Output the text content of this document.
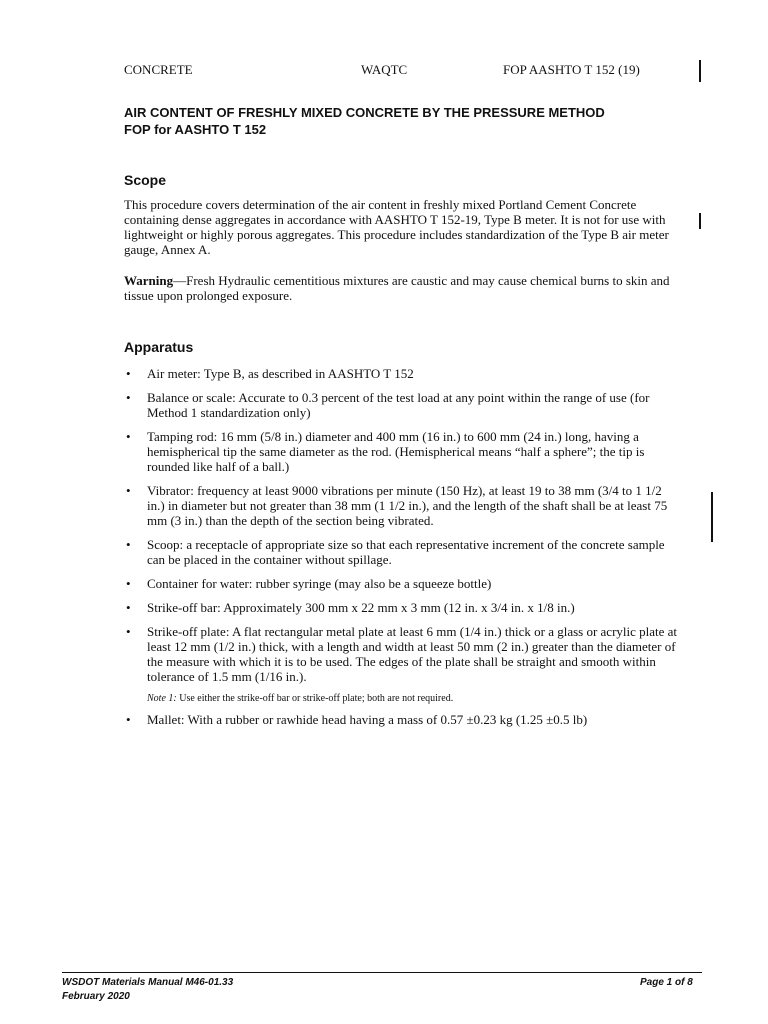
CONCRETE	WAQTC	FOP AASHTO T 152 (19)
AIR CONTENT OF FRESHLY MIXED CONCRETE BY THE PRESSURE METHOD
FOP for AASHTO T 152
Scope

This procedure covers determination of the air content in freshly mixed Portland Cement Concrete containing dense aggregates in accordance with AASHTO T 152-19, Type B meter. It is not for use with lightweight or highly porous aggregates. This procedure includes standardization of the Type B air meter gauge, Annex A.

Warning—Fresh Hydraulic cementitious mixtures are caustic and may cause chemical burns to skin and tissue upon prolonged exposure.

Apparatus
• Air meter: Type B, as described in AASHTO T 152
• Balance or scale: Accurate to 0.3 percent of the test load at any point within the range of use (for Method 1 standardization only)
• Tamping rod: 16 mm (5/8 in.) diameter and 400 mm (16 in.) to 600 mm (24 in.) long, having a hemispherical tip the same diameter as the rod. (Hemispherical means “half a sphere”; the tip is rounded like half of a ball.)
• Vibrator: frequency at least 9000 vibrations per minute (150 Hz), at least 19 to 38 mm (3/4 to 1 1/2 in.) in diameter but not greater than 38 mm (1 1/2 in.), and the length of the shaft shall be at least 75 mm (3 in.) than the depth of the section being vibrated.
• Scoop: a receptacle of appropriate size so that each representative increment of the concrete sample can be placed in the container without spillage.
• Container for water: rubber syringe (may also be a squeeze bottle)
• Strike-off bar: Approximately 300 mm x 22 mm x 3 mm (12 in. x 3/4 in. x 1/8 in.)
• Strike-off plate: A flat rectangular metal plate at least 6 mm (1/4 in.) thick or a glass or acrylic plate at least 12 mm (1/2 in.) thick, with a length and width at least 50 mm (2 in.) greater than the diameter of the measure with which it is to be used. The edges of the plate shall be straight and smooth within tolerance of 1.5 mm (1/16 in.).
Note 1: Use either the strike-off bar or strike-off plate; both are not required.
• Mallet: With a rubber or rawhide head having a mass of 0.57 ±0.23 kg (1.25 ±0.5 lb)
WSDOT Materials Manual M46-01.33
February 2020
Page 1 of 8
